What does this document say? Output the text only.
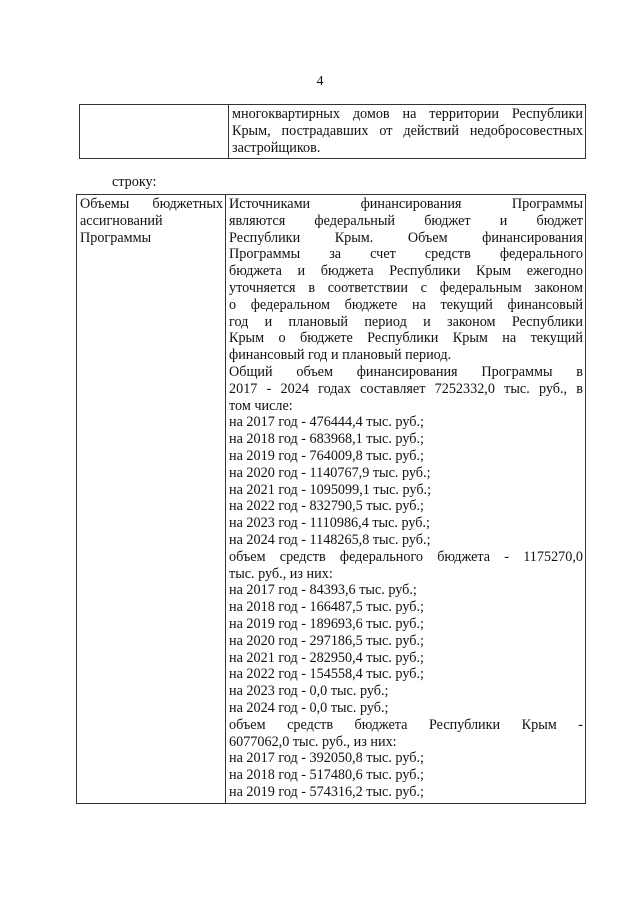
4

многоквартирных домов на территории Республики
Крым, пострадавших от действий недобросовестных
застройщиков.
строку:
Объемы бюджетных
ассигнований
Программы

Источниками финансирования Программы
являются федеральный бюджет и бюджет
Республики Крым. Объем финансирования
Программы за счет средств федерального
бюджета и бюджета Республики Крым ежегодно
уточняется в соответствии с федеральным законом
о федеральном бюджете на текущий финансовый
год и плановый период и законом Республики
Крым о бюджете Республики Крым на текущий
финансовый год и плановый период.
Общий объем финансирования Программы в
2017 - 2024 годах составляет 7252332,0 тыс. руб., в
том числе:
на 2017 год - 476444,4 тыс. руб.;
на 2018 год - 683968,1 тыс. руб.;
на 2019 год - 764009,8 тыс. руб.;
на 2020 год - 1140767,9 тыс. руб.;
на 2021 год - 1095099,1 тыс. руб.;
на 2022 год - 832790,5 тыс. руб.;
на 2023 год - 1110986,4 тыс. руб.;
на 2024 год - 1148265,8 тыс. руб.;
объем средств федерального бюджета - 1175270,0
тыс. руб., из них:
на 2017 год - 84393,6 тыс. руб.;
на 2018 год - 166487,5 тыс. руб.;
на 2019 год - 189693,6 тыс. руб.;
на 2020 год - 297186,5 тыс. руб.;
на 2021 год - 282950,4 тыс. руб.;
на 2022 год - 154558,4 тыс. руб.;
на 2023 год - 0,0 тыс. руб.;
на 2024 год - 0,0 тыс. руб.;
объем средств бюджета Республики Крым -
6077062,0 тыс. руб., из них:
на 2017 год - 392050,8 тыс. руб.;
на 2018 год - 517480,6 тыс. руб.;
на 2019 год - 574316,2 тыс. руб.;
